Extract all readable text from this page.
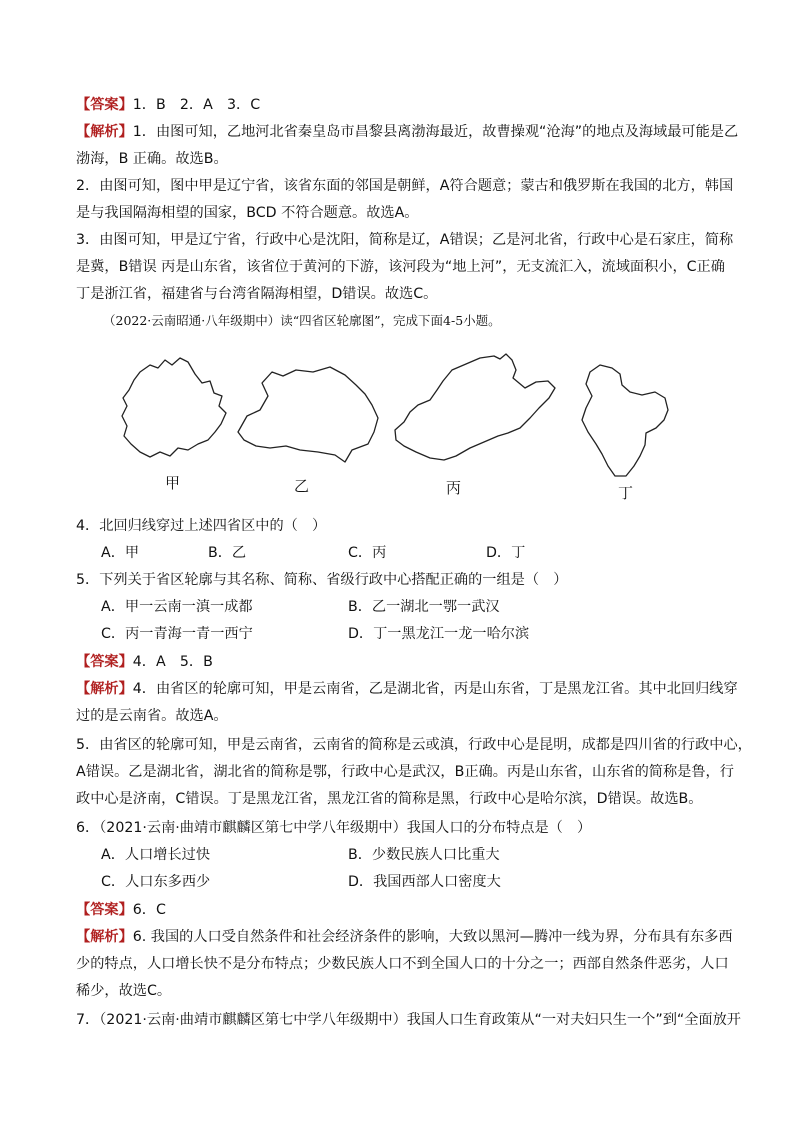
【答案】1．B　2．A　3．C
【解析】1．由图可知，乙地河北省秦皇岛市昌黎县离渤海最近，故曹操观“沧海”的地点及海域最可能是乙
渤海，B 正确。故选B。
2．由图可知，图中甲是辽宁省，该省东面的邻国是朝鲜，A符合题意；蒙古和俄罗斯在我国的北方，韩国
是与我国隔海相望的国家，BCD 不符合题意。故选A。
3．由图可知，甲是辽宁省，行政中心是沈阳，简称是辽，A错误；乙是河北省，行政中心是石家庄，简称
是冀，B错误 丙是山东省，该省位于黄河的下游，该河段为“地上河”，无支流汇入，流域面积小，C正确
丁是浙江省，福建省与台湾省隔海相望，D错误。故选C。
（2022·云南昭通·八年级期中）读“四省区轮廓图”，完成下面4-5小题。
甲	乙	丙	丁
4．北回归线穿过上述四省区中的（　）
A．甲	B．乙	C．丙	D．丁
5．下列关于省区轮廓与其名称、简称、省级行政中心搭配正确的一组是（　）
A．甲一云南一滇一成都	B．乙一湖北一鄂一武汉
C．丙一青海一青一西宁	D．丁一黑龙江一龙一哈尔滨
【答案】4．A　5．B
【解析】4．由省区的轮廓可知，甲是云南省，乙是湖北省，丙是山东省，丁是黑龙江省。其中北回归线穿
过的是云南省。故选A。
5．由省区的轮廓可知，甲是云南省，云南省的简称是云或滇，行政中心是昆明，成都是四川省的行政中心，
A错误。乙是湖北省，湖北省的简称是鄂，行政中心是武汉，B正确。丙是山东省，山东省的简称是鲁，行
政中心是济南，C错误。丁是黑龙江省，黑龙江省的简称是黑，行政中心是哈尔滨，D错误。故选B。
6．（2021·云南·曲靖市麒麟区第七中学八年级期中）我国人口的分布特点是（　）
A．人口增长过快	B．少数民族人口比重大
C．人口东多西少	D．我国西部人口密度大
【答案】6．C
【解析】6. 我国的人口受自然条件和社会经济条件的影响，大致以黑河—腾冲一线为界，分布具有东多西
少的特点，人口增长快不是分布特点；少数民族人口不到全国人口的十分之一；西部自然条件恶劣，人口
稀少，故选C。
7．（2021·云南·曲靖市麒麟区第七中学八年级期中）我国人口生育政策从“一对夫妇只生一个”到“全面放开
